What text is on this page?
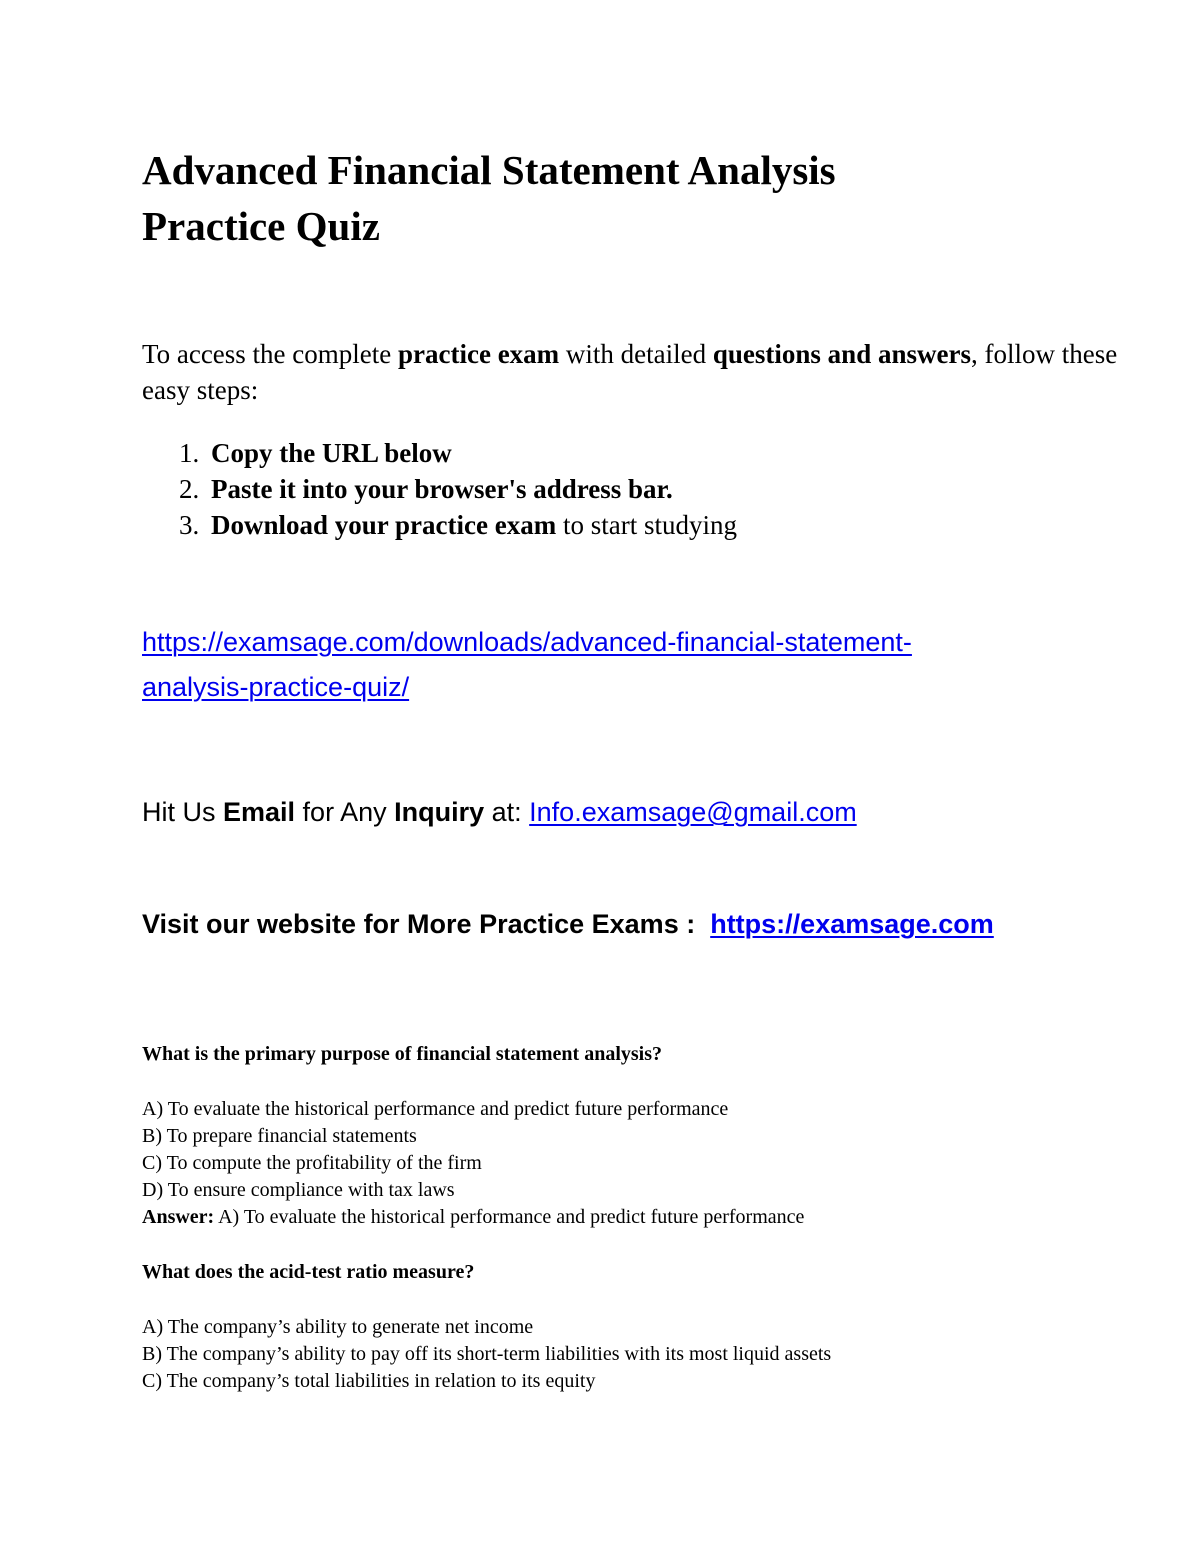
Advanced Financial Statement Analysis
Practice Quiz

To access the complete practice exam with detailed questions and answers, follow these easy steps:

1. Copy the URL below
2. Paste it into your browser's address bar.
3. Download your practice exam to start studying

https://examsage.com/downloads/advanced-financial-statement-
analysis-practice-quiz/

Hit Us Email for Any Inquiry at: Info.examsage@gmail.com

Visit our website for More Practice Exams :  https://examsage.com

What is the primary purpose of financial statement analysis?

A) To evaluate the historical performance and predict future performance
B) To prepare financial statements
C) To compute the profitability of the firm
D) To ensure compliance with tax laws
Answer: A) To evaluate the historical performance and predict future performance

What does the acid-test ratio measure?

A) The company’s ability to generate net income
B) The company’s ability to pay off its short-term liabilities with its most liquid assets
C) The company’s total liabilities in relation to its equity
